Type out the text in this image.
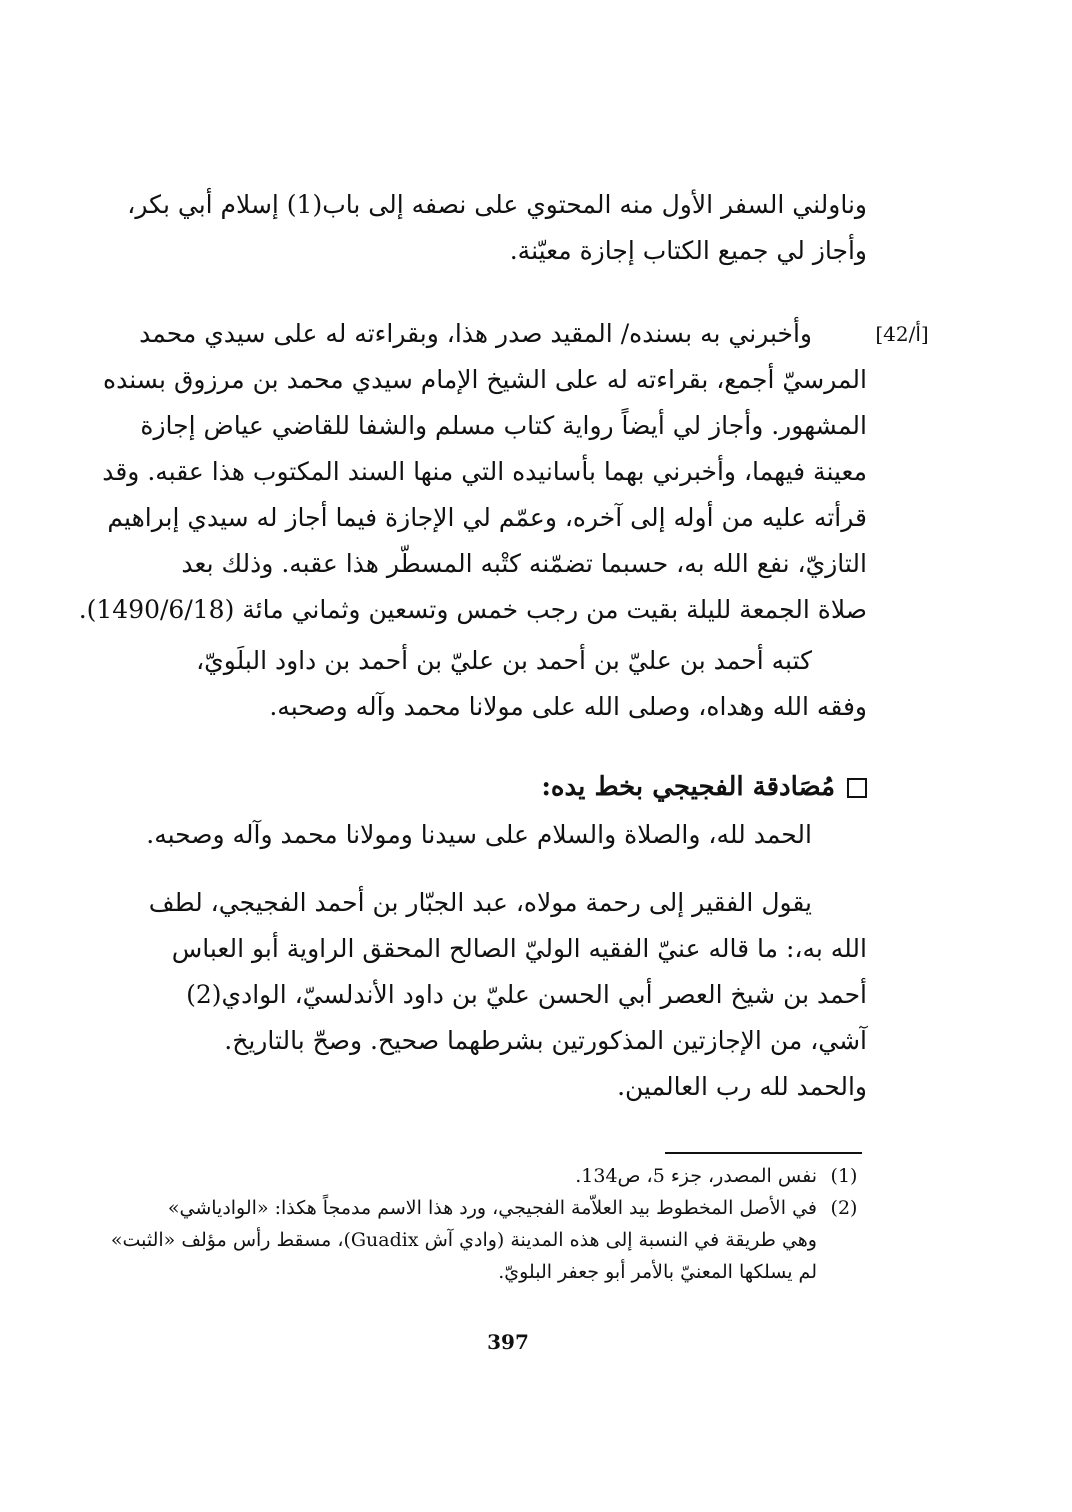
وناولني السفر الأول منه المحتوي على نصفه إلى باب(1) إسلام أبي بكر،
وأجاز لي جميع الكتاب إجازة معيّنة.
[42/أ]
وأخبرني به بسنده/ المقيد صدر هذا، وبقراءته له على سيدي محمد
المرسيّ أجمع، بقراءته له على الشيخ الإمام سيدي محمد بن مرزوق بسنده
المشهور. وأجاز لي أيضاً رواية كتاب مسلم والشفا للقاضي عياض إجازة
معينة فيهما، وأخبرني بهما بأسانيده التي منها السند المكتوب هذا عقبه. وقد
قرأته عليه من أوله إلى آخره، وعمّم لي الإجازة فيما أجاز له سيدي إبراهيم
التازيّ، نفع الله به، حسبما تضمّنه كتْبه المسطّر هذا عقبه. وذلك بعد
صلاة الجمعة لليلة بقيت من رجب خمس وتسعين وثماني مائة (1490/6/18).
كتبه أحمد بن عليّ بن أحمد بن عليّ بن أحمد بن داود البلَويّ،
وفقه الله وهداه، وصلى الله على مولانا محمد وآله وصحبه.
مُصَادقة الفجيجي بخط يده:
الحمد لله، والصلاة والسلام على سيدنا ومولانا محمد وآله وصحبه.
يقول الفقير إلى رحمة مولاه، عبد الجبّار بن أحمد الفجيجي، لطف
الله به،: ما قاله عنيّ الفقيه الوليّ الصالح المحقق الراوية أبو العباس
أحمد بن شيخ العصر أبي الحسن عليّ بن داود الأندلسيّ، الوادي(2)
آشي، من الإجازتين المذكورتين بشرطهما صحيح. وصحّ بالتاريخ.
والحمد لله رب العالمين.
(1)
نفس المصدر، جزء 5، ص134.
(2)
في الأصل المخطوط بيد العلاّمة الفجيجي، ورد هذا الاسم مدمجاً هكذا: «الوادياشي»
وهي طريقة في النسبة إلى هذه المدينة (وادي آش Guadix)، مسقط رأس مؤلف «الثبت»
لم يسلكها المعنيّ بالأمر أبو جعفر البلويّ.
397
